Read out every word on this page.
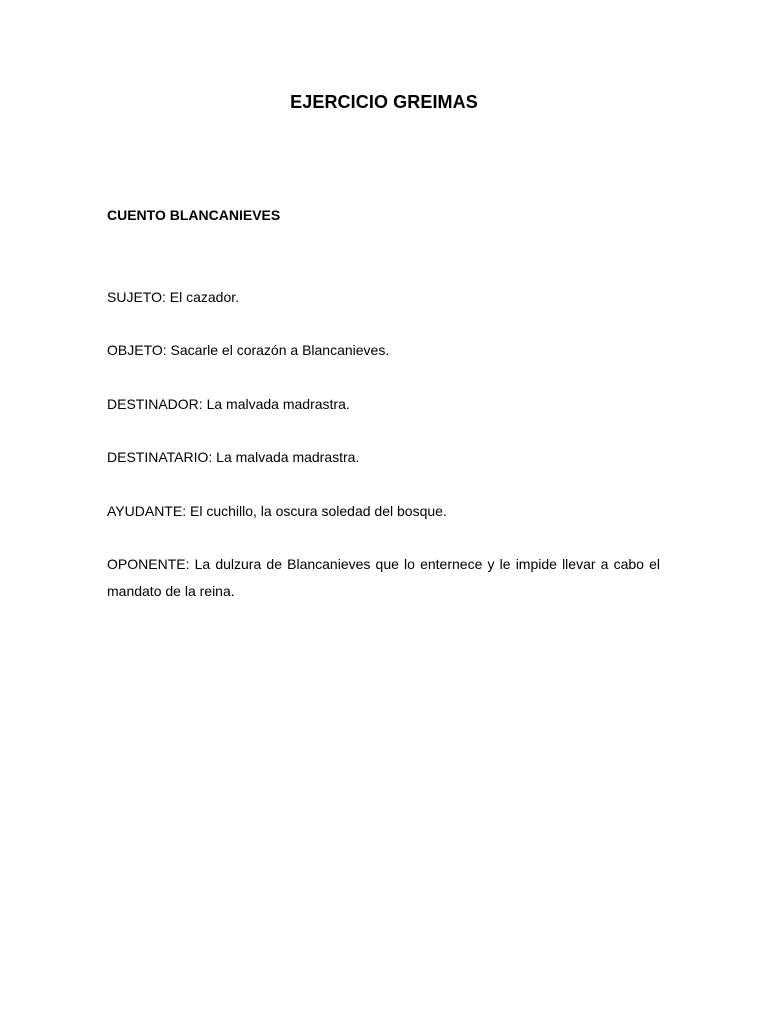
EJERCICIO GREIMAS
CUENTO BLANCANIEVES
SUJETO: El cazador.
OBJETO: Sacarle el corazón a Blancanieves.
DESTINADOR: La malvada madrastra.
DESTINATARIO: La malvada madrastra.
AYUDANTE: El cuchillo, la oscura soledad del bosque.
OPONENTE: La dulzura de Blancanieves que lo enternece y le impide llevar a cabo el mandato de la reina.
